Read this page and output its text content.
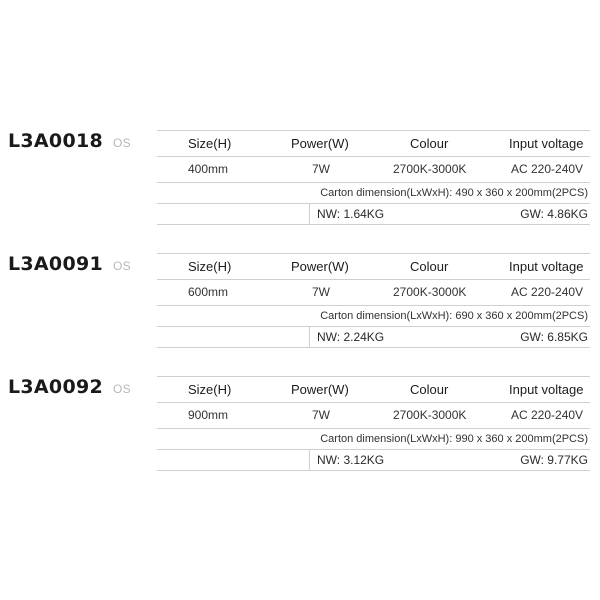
L3A0018 OS	Size(H)	Power(W)	Colour	Input voltage
400mm	7W	2700K-3000K	AC 220-240V
Carton dimension(LxWxH): 490 x 360 x 200mm(2PCS)
NW: 1.64KG	GW: 4.86KG
L3A0091 OS	Size(H)	Power(W)	Colour	Input voltage
600mm	7W	2700K-3000K	AC 220-240V
Carton dimension(LxWxH): 690 x 360 x 200mm(2PCS)
NW: 2.24KG	GW: 6.85KG
L3A0092 OS	Size(H)	Power(W)	Colour	Input voltage
900mm	7W	2700K-3000K	AC 220-240V
Carton dimension(LxWxH): 990 x 360 x 200mm(2PCS)
NW: 3.12KG	GW: 9.77KG
